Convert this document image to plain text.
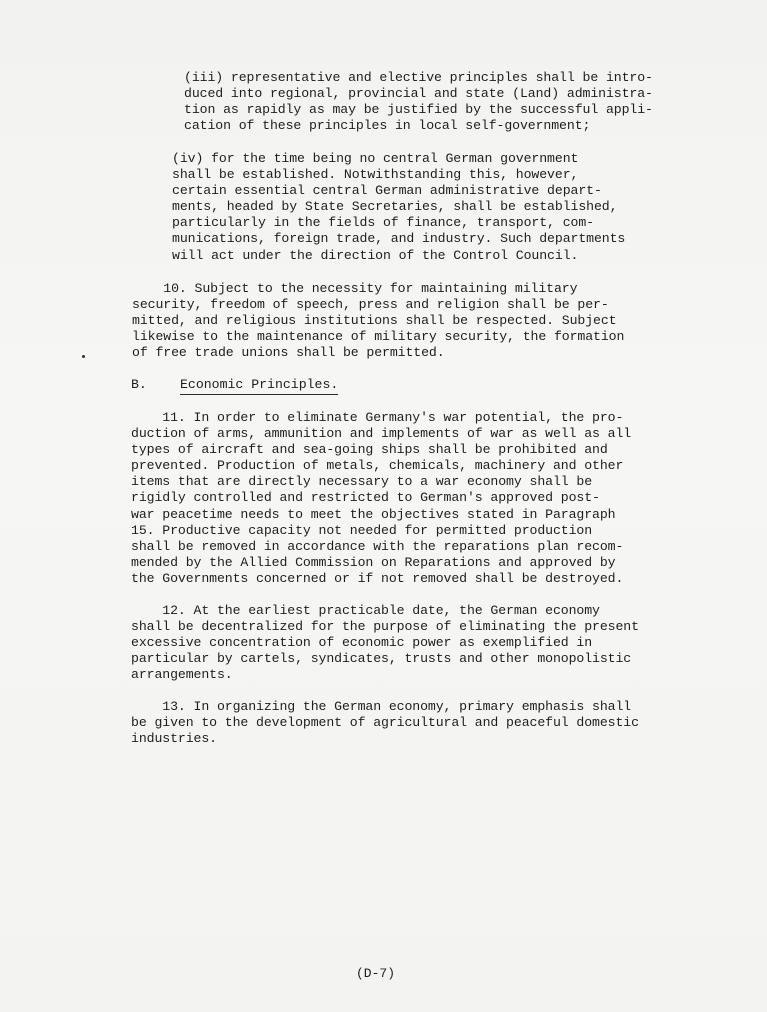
(iii) representative and elective principles shall be intro-
duced into regional, provincial and state (Land) administra-
tion as rapidly as may be justified by the successful appli-
cation of these principles in local self-government;
(iv) for the time being no central German government
shall be established. Notwithstanding this, however,
certain essential central German administrative depart-
ments, headed by State Secretaries, shall be established,
particularly in the fields of finance, transport, com-
munications, foreign trade, and industry. Such departments
will act under the direction of the Control Council.
10. Subject to the necessity for maintaining military
security, freedom of speech, press and religion shall be per-
mitted, and religious institutions shall be respected. Subject
likewise to the maintenance of military security, the formation
of free trade unions shall be permitted.
B.	Economic Principles.
11. In order to eliminate Germany's war potential, the pro-
duction of arms, ammunition and implements of war as well as all
types of aircraft and sea-going ships shall be prohibited and
prevented. Production of metals, chemicals, machinery and other
items that are directly necessary to a war economy shall be
rigidly controlled and restricted to German's approved post-
war peacetime needs to meet the objectives stated in Paragraph
15. Productive capacity not needed for permitted production
shall be removed in accordance with the reparations plan recom-
mended by the Allied Commission on Reparations and approved by
the Governments concerned or if not removed shall be destroyed.
12. At the earliest practicable date, the German economy
shall be decentralized for the purpose of eliminating the present
excessive concentration of economic power as exemplified in
particular by cartels, syndicates, trusts and other monopolistic
arrangements.
13. In organizing the German economy, primary emphasis shall
be given to the development of agricultural and peaceful domestic
industries.
(D-7)
